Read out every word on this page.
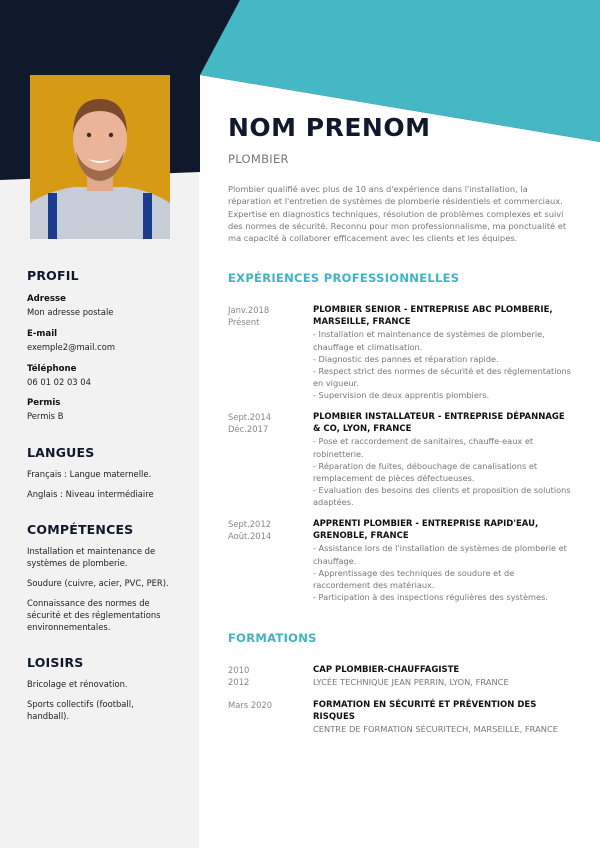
PROFIL
Adresse
Mon adresse postale
E-mail
exemple2@mail.com
Téléphone
06 01 02 03 04
Permis
Permis B
LANGUES
Français : Langue maternelle.
Anglais : Niveau intermédiaire
COMPÉTENCES
Installation et maintenance de systèmes de plomberie.
Soudure (cuivre, acier, PVC, PER).
Connaissance des normes de sécurité et des réglementations environnementales.
LOISIRS
Bricolage et rénovation.
Sports collectifs (football, handball).
NOM PRENOM
PLOMBIER
Plombier qualifié avec plus de 10 ans d'expérience dans l'installation, la réparation et l'entretien de systèmes de plomberie résidentiels et commerciaux. Expertise en diagnostics techniques, résolution de problèmes complexes et suivi des normes de sécurité. Reconnu pour mon professionnalisme, ma ponctualité et ma capacité à collaborer efficacement avec les clients et les équipes.
EXPÉRIENCES PROFESSIONNELLES
Janv.2018
Présent
PLOMBIER SENIOR - ENTREPRISE ABC PLOMBERIE, MARSEILLE, FRANCE
- Installation et maintenance de systèmes de plomberie, chauffage et climatisation.
- Diagnostic des pannes et réparation rapide.
- Respect strict des normes de sécurité et des réglementations en vigueur.
- Supervision de deux apprentis plombiers.
Sept.2014
Déc.2017
PLOMBIER INSTALLATEUR - ENTREPRISE DÉPANNAGE & CO, LYON, FRANCE
- Pose et raccordement de sanitaires, chauffe-eaux et robinetterie.
- Réparation de fuites, débouchage de canalisations et remplacement de pièces défectueuses.
- Evaluation des besoins des clients et proposition de solutions adaptées.
Sept.2012
Août.2014
APPRENTI PLOMBIER - ENTREPRISE RAPID'EAU, GRENOBLE, FRANCE
- Assistance lors de l'installation de systèmes de plomberie et chauffage.
- Apprentissage des techniques de soudure et de raccordement des matériaux.
- Participation à des inspections régulières des systèmes.
FORMATIONS
2010
2012
CAP PLOMBIER-CHAUFFAGISTE
LYCÉE TECHNIQUE JEAN PERRIN, LYON, FRANCE
Mars 2020	FORMATION EN SÉCURITÉ ET PRÉVENTION DES RISQUES
CENTRE DE FORMATION SÉCURITECH, MARSEILLE, FRANCE
